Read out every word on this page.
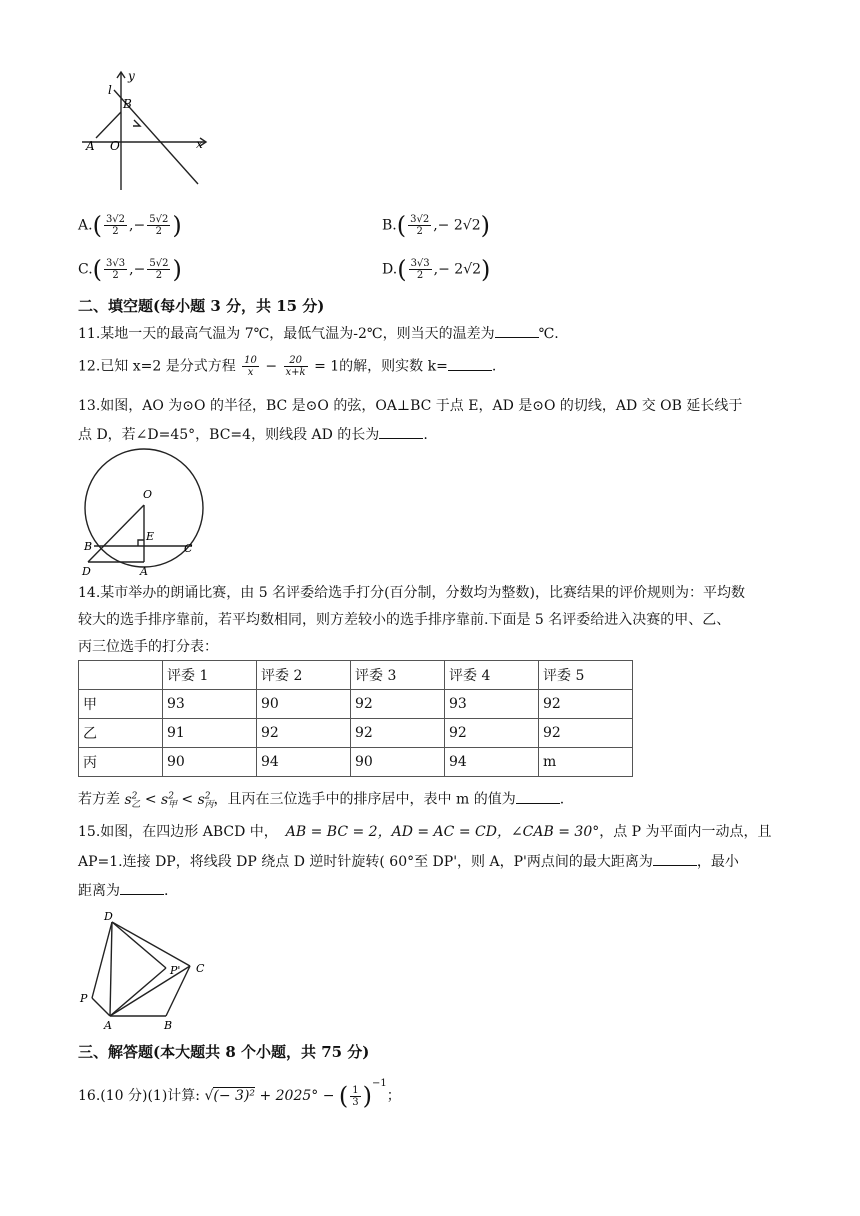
l
y
B
A O	x
$A.( \frac{3√2}{2}$ ,− $\frac{5√2}{2}$ )	$B.( \frac{3√2}{2}$ ,− 2√2)
$C.( \frac{3√3}{2}$ ,− $\frac{5√2}{2}$ )	$D.( \frac{3√3}{2}$ ,− 2√2)
二、填空题(每小题 3 分，共 15 分)
11.某地一天的最高气温为 7℃，最低气温为-2℃，则当天的温差为	℃.
12.已知 x=2 是分式方程 $\frac{10}{x} - \frac{20}{x+k} = 1$的解，则实数 k=	.
13.如图，AO 为⊙O 的半径，BC 是⊙O 的弦，OA⊥BC 于点 E，AD 是⊙O 的切线，AD 交 OB 延长线于
点 D，若∠D=45°，BC=4，则线段 AD 的长为	.
O
E
B	C
D	A
14.某市举办的朗诵比赛，由 5 名评委给选手打分(百分制，分数均为整数)，比赛结果的评价规则为：平均数
较大的选手排序靠前，若平均数相同，则方差较小的选手排序靠前.下面是 5 名评委给进入决赛的甲、乙、
丙三位选手的打分表：
	评委 1	评委 2	评委 3	评委 4	评委 5
甲	93	90	92	93	92
乙	91	92	92	92	92
丙	90	94	90	94	m
若方差 $s^2_乙 < s^2_甲 < s^2_丙$，且丙在三位选手中的排序居中，表中 m 的值为	.
15.如图，在四边形 ABCD 中， AB = BC = 2，AD = AC = CD，∠CAB = 30°，点 P 为平面内一动点，且
AP=1.连接 DP，将线段 DP 绕点 D 逆时针旋转( 60°至 DP'，则 A，P'两点间的最大距离为	，最小
距离为	.
D
P' C
P
A	B
三、解答题(本大题共 8 个小题，共 75 分)
16.(10 分)(1)计算: √(− 3)² + 2025° − ( $\frac{1}{3} )^{-1}$；
